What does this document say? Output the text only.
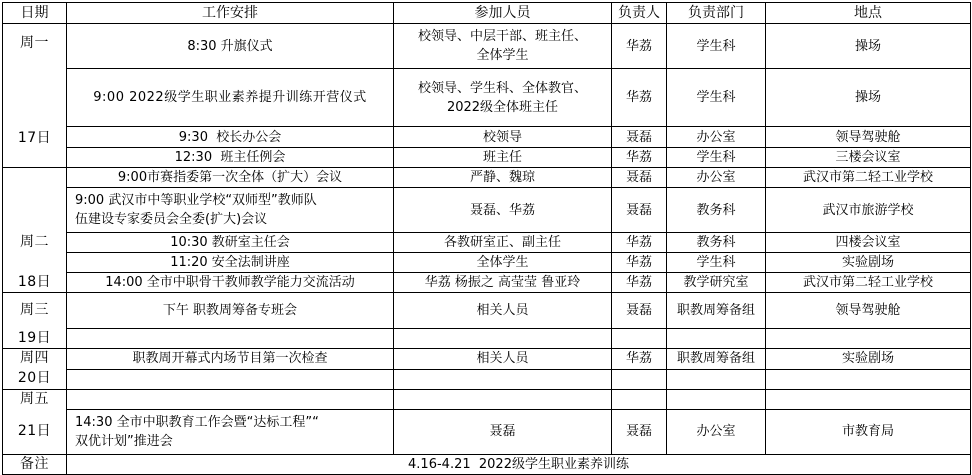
日期	工作安排	参加人员	负责人	负责部门	地点
周一	8:30 升旗仪式	校领导、中层干部、班主任、
全体学生	华荔	学生科	操场
	9:00 2022级学生职业素养提升训练开营仪式	校领导、学生科、全体教官、
2022级全体班主任	华荔	学生科	操场
17日	9:30  校长办公会	校领导	聂磊	办公室	领导驾驶舱
	12:30  班主任例会	班主任	华荔	学生科	三楼会议室
	9:00市赛指委第一次全体（扩大）会议	严静、魏琼	聂磊	办公室	武汉市第二轻工业学校
	9:00 武汉市中等职业学校“双师型”教师队
伍建设专家委员会全委(扩大)会议	聂磊、华荔	聂磊	教务科	武汉市旅游学校
周二	10:30 教研室主任会	各教研室正、副主任	华荔	教务科	四楼会议室
	11:20 安全法制讲座	全体学生	华荔	学生科	实验剧场
18日	14:00 全市中职骨干教师教学能力交流活动	华荔 杨振之 高莹莹 鲁亚玲	华荔	教学研究室	武汉市第二轻工业学校
周三	下午 职教周筹备专班会	相关人员	聂磊	职教周筹备组	领导驾驶舱
19日					
周四	职教周开幕式内场节目第一次检查	相关人员	华荔	职教周筹备组	实验剧场
20日					
周五					
21日	14:30 全市中职教育工作会暨“达标工程”“
双优计划”推进会	聂磊	聂磊	办公室	市教育局
备注	4.16-4.21  2022级学生职业素养训练				
